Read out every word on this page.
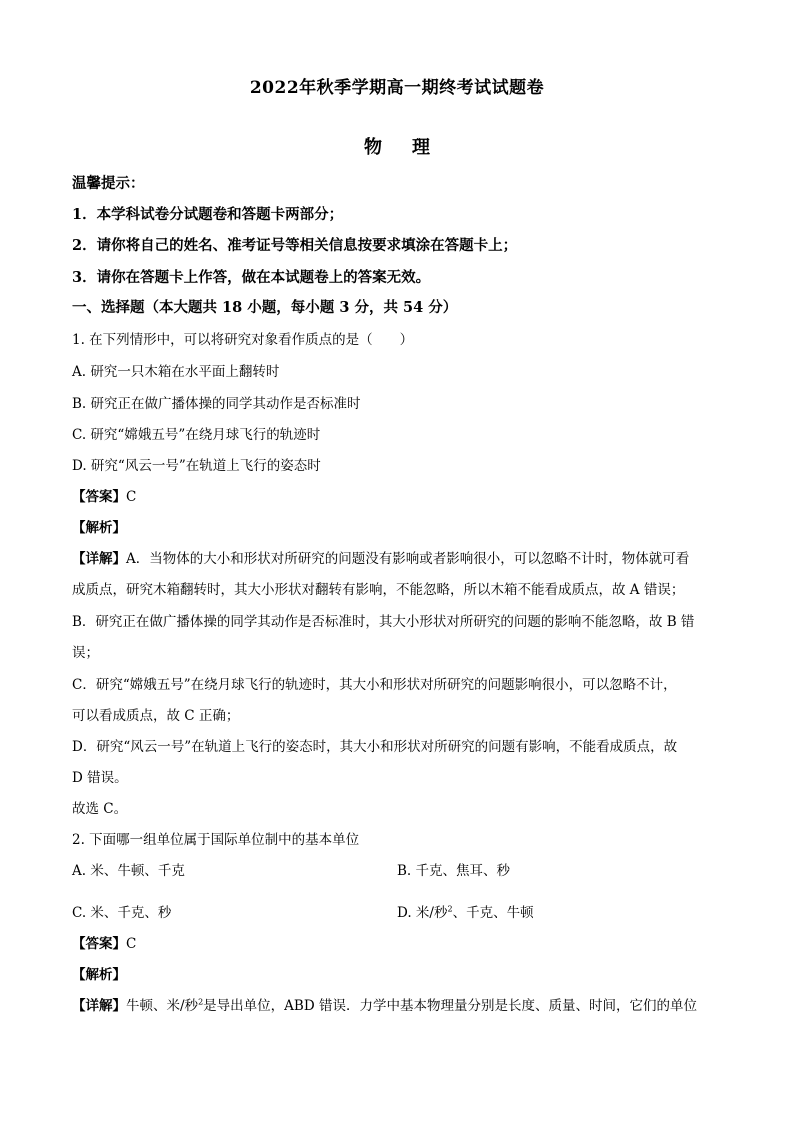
2022年秋季学期高一期终考试试题卷
物理
温馨提示：
1．本学科试卷分试题卷和答题卡两部分；
2．请你将自己的姓名、准考证号等相关信息按要求填涂在答题卡上；
3．请你在答题卡上作答，做在本试题卷上的答案无效。
一、选择题（本大题共 18 小题，每小题 3 分，共 54 分）
1. 在下列情形中，可以将研究对象看作质点的是（　　）
A. 研究一只木箱在水平面上翻转时
B. 研究正在做广播体操的同学其动作是否标准时
C. 研究“嫦娥五号”在绕月球飞行的轨迹时
D. 研究“风云一号”在轨道上飞行的姿态时
【答案】C
【解析】
【详解】A．当物体的大小和形状对所研究的问题没有影响或者影响很小，可以忽略不计时，物体就可看
成质点，研究木箱翻转时，其大小形状对翻转有影响，不能忽略，所以木箱不能看成质点，故 A 错误；
B．研究正在做广播体操的同学其动作是否标准时，其大小形状对所研究的问题的影响不能忽略，故 B 错
误；
C．研究“嫦娥五号”在绕月球飞行的轨迹时，其大小和形状对所研究的问题影响很小，可以忽略不计，
可以看成质点，故 C 正确；
D．研究“风云一号”在轨道上飞行的姿态时，其大小和形状对所研究的问题有影响，不能看成质点，故
D 错误。
故选 C。
2. 下面哪一组单位属于国际单位制中的基本单位
A. 米、牛顿、千克	B. 千克、焦耳、秒
C. 米、千克、秒	D. 米/秒$^2$、千克、牛顿
【答案】C
【解析】
【详解】牛顿、米/秒$^2$是导出单位，ABD 错误．力学中基本物理量分别是长度、质量、时间，它们的单位
